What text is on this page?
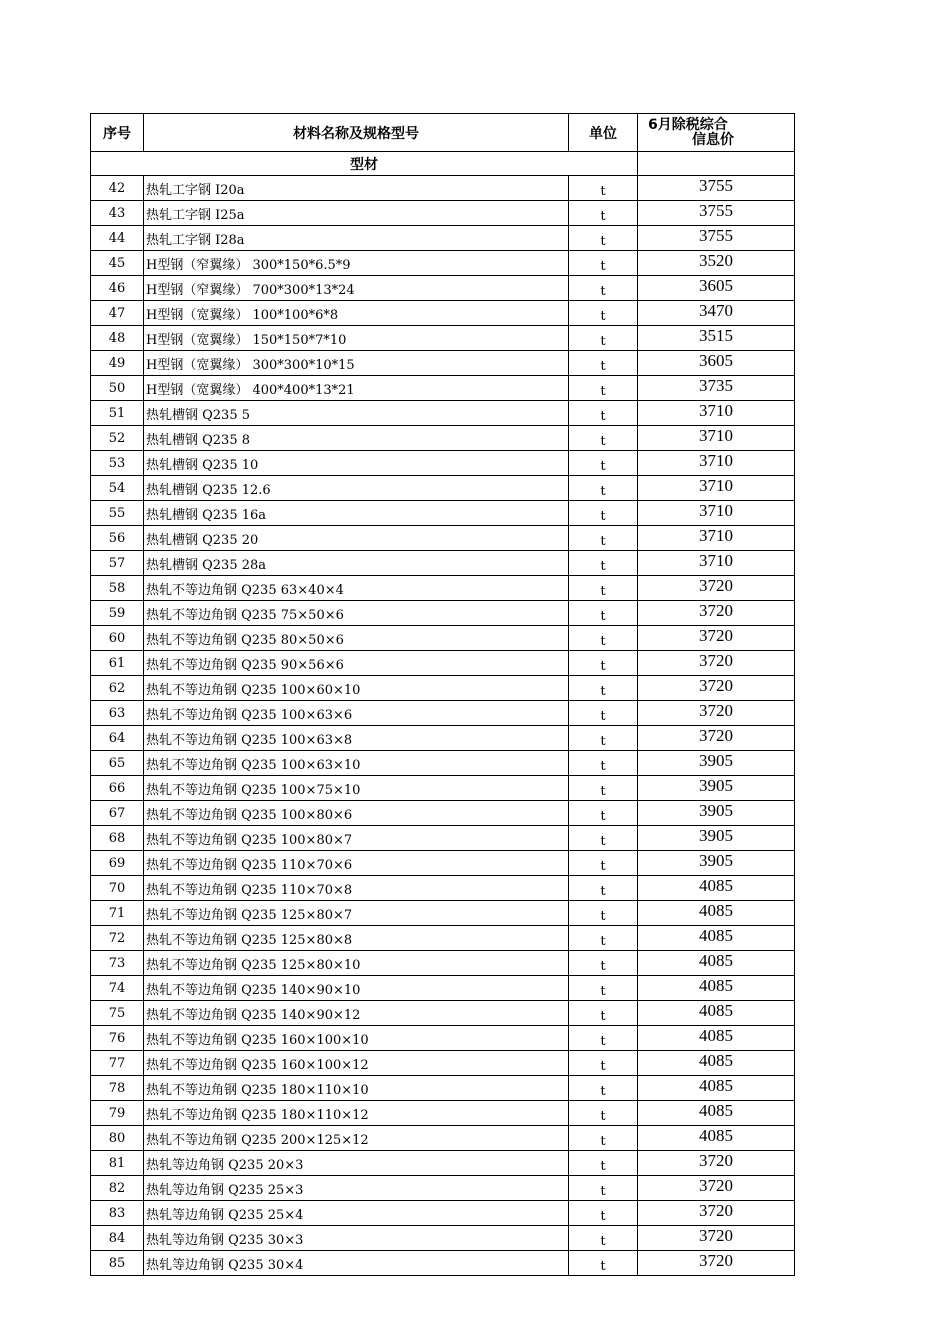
序号	材料名称及规格型号	单位	6月除税综合
信息价

型材			
42	热轧工字钢 I20a	t	3755
43	热轧工字钢 I25a	t	3755
44	热轧工字钢 I28a	t	3755
45	H型钢（窄翼缘） 300*150*6.5*9	t	3520
46	H型钢（窄翼缘） 700*300*13*24	t	3605
47	H型钢（宽翼缘） 100*100*6*8	t	3470
48	H型钢（宽翼缘） 150*150*7*10	t	3515
49	H型钢（宽翼缘） 300*300*10*15	t	3605
50	H型钢（宽翼缘） 400*400*13*21	t	3735
51	热轧槽钢 Q235 5	t	3710
52	热轧槽钢 Q235 8	t	3710
53	热轧槽钢 Q235 10	t	3710
54	热轧槽钢 Q235 12.6	t	3710
55	热轧槽钢 Q235 16a	t	3710
56	热轧槽钢 Q235 20	t	3710
57	热轧槽钢 Q235 28a	t	3710
58	热轧不等边角钢 Q235 63×40×4	t	3720
59	热轧不等边角钢 Q235 75×50×6	t	3720
60	热轧不等边角钢 Q235 80×50×6	t	3720
61	热轧不等边角钢 Q235 90×56×6	t	3720
62	热轧不等边角钢 Q235 100×60×10	t	3720
63	热轧不等边角钢 Q235 100×63×6	t	3720
64	热轧不等边角钢 Q235 100×63×8	t	3720
65	热轧不等边角钢 Q235 100×63×10	t	3905
66	热轧不等边角钢 Q235 100×75×10	t	3905
67	热轧不等边角钢 Q235 100×80×6	t	3905
68	热轧不等边角钢 Q235 100×80×7	t	3905
69	热轧不等边角钢 Q235 110×70×6	t	3905
70	热轧不等边角钢 Q235 110×70×8	t	4085
71	热轧不等边角钢 Q235 125×80×7	t	4085
72	热轧不等边角钢 Q235 125×80×8	t	4085
73	热轧不等边角钢 Q235 125×80×10	t	4085
74	热轧不等边角钢 Q235 140×90×10	t	4085
75	热轧不等边角钢 Q235 140×90×12	t	4085
76	热轧不等边角钢 Q235 160×100×10	t	4085
77	热轧不等边角钢 Q235 160×100×12	t	4085
78	热轧不等边角钢 Q235 180×110×10	t	4085
79	热轧不等边角钢 Q235 180×110×12	t	4085
80	热轧不等边角钢 Q235 200×125×12	t	4085
81	热轧等边角钢 Q235 20×3	t	3720
82	热轧等边角钢 Q235 25×3	t	3720
83	热轧等边角钢 Q235 25×4	t	3720
84	热轧等边角钢 Q235 30×3	t	3720
85	热轧等边角钢 Q235 30×4	t	3720
